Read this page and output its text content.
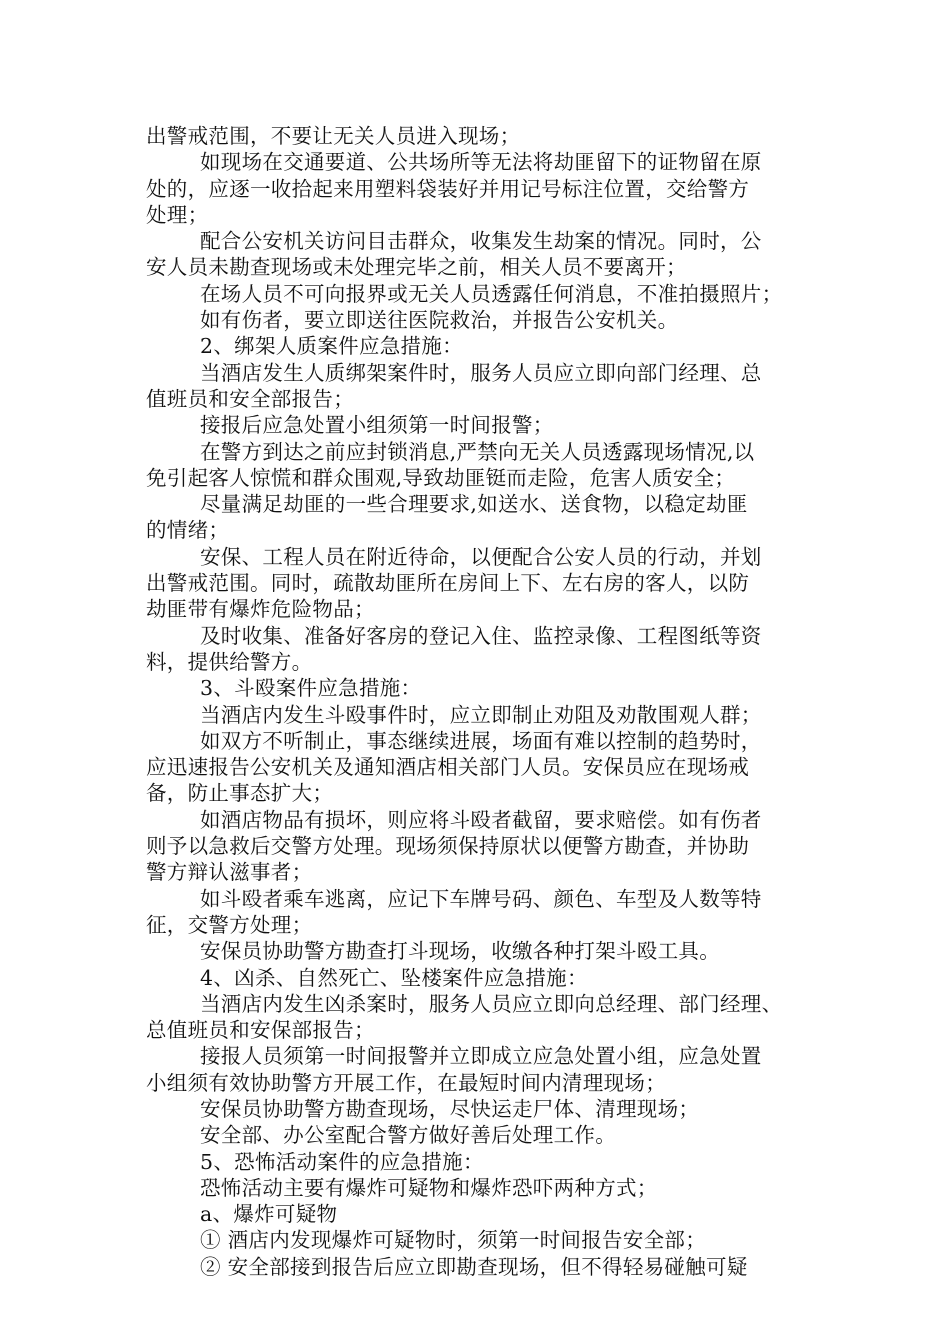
出警戒范围，不要让无关人员进入现场；
如现场在交通要道、公共场所等无法将劫匪留下的证物留在原
处的，应逐一收拾起来用塑料袋装好并用记号标注位置，交给警方
处理；
配合公安机关访问目击群众，收集发生劫案的情况。同时，公
安人员未勘查现场或未处理完毕之前，相关人员不要离开；
在场人员不可向报界或无关人员透露任何消息，不准拍摄照片；
如有伤者，要立即送往医院救治，并报告公安机关。
2、绑架人质案件应急措施：
当酒店发生人质绑架案件时，服务人员应立即向部门经理、总
值班员和安全部报告；
接报后应急处置小组须第一时间报警；
在警方到达之前应封锁消息,严禁向无关人员透露现场情况,以
免引起客人惊慌和群众围观,导致劫匪铤而走险，危害人质安全；
尽量满足劫匪的一些合理要求,如送水、送食物，以稳定劫匪
的情绪；
安保、工程人员在附近待命，以便配合公安人员的行动，并划
出警戒范围。同时，疏散劫匪所在房间上下、左右房的客人，以防
劫匪带有爆炸危险物品；
及时收集、准备好客房的登记入住、监控录像、工程图纸等资
料，提供给警方。
3、斗殴案件应急措施：
当酒店内发生斗殴事件时，应立即制止劝阻及劝散围观人群；
如双方不听制止，事态继续进展，场面有难以控制的趋势时，
应迅速报告公安机关及通知酒店相关部门人员。安保员应在现场戒
备，防止事态扩大；
如酒店物品有损坏，则应将斗殴者截留，要求赔偿。如有伤者
则予以急救后交警方处理。现场须保持原状以便警方勘查，并协助
警方辩认滋事者；
如斗殴者乘车逃离，应记下车牌号码、颜色、车型及人数等特
征，交警方处理；
安保员协助警方勘查打斗现场，收缴各种打架斗殴工具。
4、凶杀、自然死亡、坠楼案件应急措施：
当酒店内发生凶杀案时，服务人员应立即向总经理、部门经理、
总值班员和安保部报告；
接报人员须第一时间报警并立即成立应急处置小组，应急处置
小组须有效协助警方开展工作，在最短时间内清理现场；
安保员协助警方勘查现场，尽快运走尸体、清理现场；
安全部、办公室配合警方做好善后处理工作。
5、恐怖活动案件的应急措施：
恐怖活动主要有爆炸可疑物和爆炸恐吓两种方式；
a、爆炸可疑物
① 酒店内发现爆炸可疑物时，须第一时间报告安全部；
② 安全部接到报告后应立即勘查现场，但不得轻易碰触可疑
